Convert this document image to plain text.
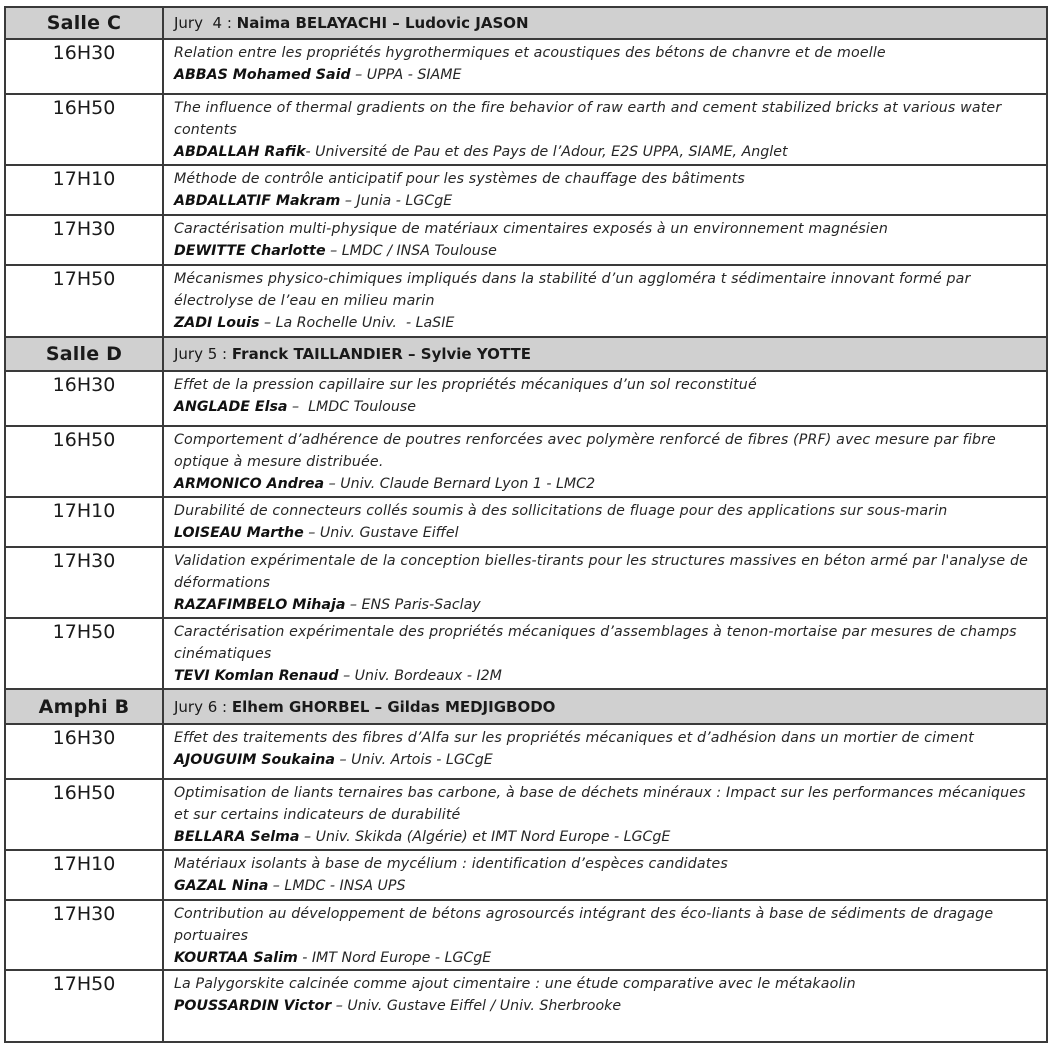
Salle C	Jury  4 : Naima BELAYACHI – Ludovic JASON
16H30	Relation entre les propriétés hygrothermiques et acoustiques des bétons de chanvre et de moelle
ABBAS Mohamed Said – UPPA - SIAME

16H50	The influence of thermal gradients on the fire behavior of raw earth and cement stabilized bricks at various water contents
ABDALLAH Rafik- Université de Pau et des Pays de l’Adour, E2S UPPA, SIAME, Anglet

17H10	Méthode de contrôle anticipatif pour les systèmes de chauffage des bâtiments
ABDALLATIF Makram – Junia - LGCgE

17H30	Caractérisation multi-physique de matériaux cimentaires exposés à un environnement magnésien
DEWITTE Charlotte – LMDC / INSA Toulouse

17H50	Mécanismes physico-chimiques impliqués dans la stabilité d’un aggloméra t sédimentaire innovant formé par électrolyse de l’eau en milieu marin
ZADI Louis – La Rochelle Univ.  - LaSIE

Salle D	Jury 5 : Franck TAILLANDIER – Sylvie YOTTE
16H30	Effet de la pression capillaire sur les propriétés mécaniques d’un sol reconstitué
ANGLADE Elsa –  LMDC Toulouse

16H50	Comportement d’adhérence de poutres renforcées avec polymère renforcé de fibres (PRF) avec mesure par fibre optique à mesure distribuée.
ARMONICO Andrea – Univ. Claude Bernard Lyon 1 - LMC2

17H10	Durabilité de connecteurs collés soumis à des sollicitations de fluage pour des applications sur sous-marin
LOISEAU Marthe – Univ. Gustave Eiffel

17H30	Validation expérimentale de la conception bielles-tirants pour les structures massives en béton armé par l'analyse de déformations
RAZAFIMBELO Mihaja – ENS Paris-Saclay

17H50	Caractérisation expérimentale des propriétés mécaniques d’assemblages à tenon-mortaise par mesures de champs cinématiques
TEVI Komlan Renaud – Univ. Bordeaux - I2M

Amphi B	Jury 6 : Elhem GHORBEL – Gildas MEDJIGBODO
16H30	Effet des traitements des fibres d’Alfa sur les propriétés mécaniques et d’adhésion dans un mortier de ciment
AJOUGUIM Soukaina – Univ. Artois - LGCgE

16H50	Optimisation de liants ternaires bas carbone, à base de déchets minéraux : Impact sur les performances mécaniques et sur certains indicateurs de durabilité
BELLARA Selma – Univ. Skikda (Algérie) et IMT Nord Europe - LGCgE

17H10	Matériaux isolants à base de mycélium : identification d’espèces candidates
GAZAL Nina – LMDC - INSA UPS

17H30	Contribution au développement de bétons agrosourcés intégrant des éco-liants à base de sédiments de dragage portuaires
KOURTAA Salim - IMT Nord Europe - LGCgE

17H50	La Palygorskite calcinée comme ajout cimentaire : une étude comparative avec le métakaolin
POUSSARDIN Victor – Univ. Gustave Eiffel / Univ. Sherbrooke
